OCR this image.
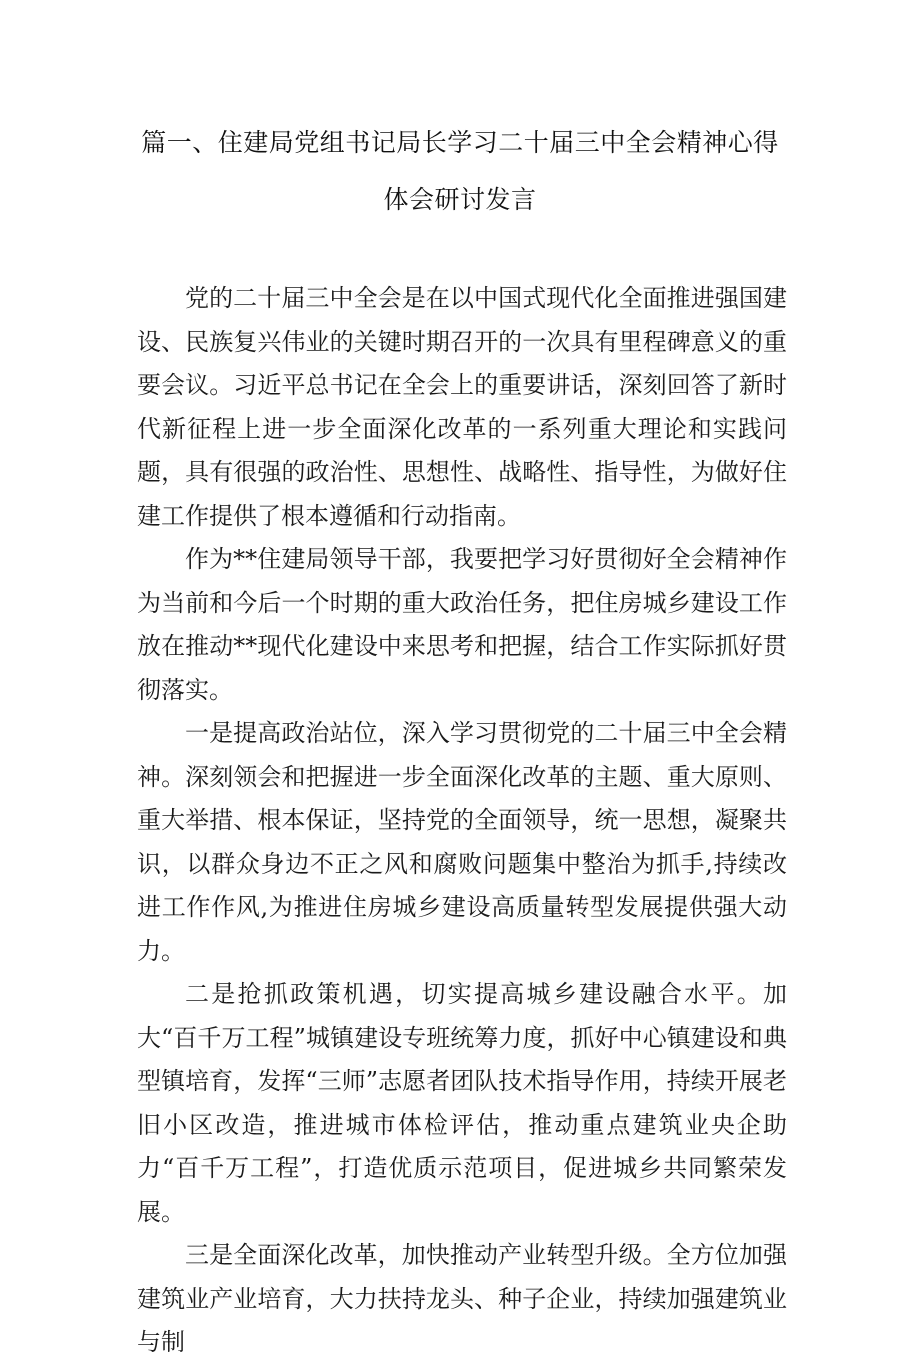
篇一、住建局党组书记局长学习二十届三中全会精神心得
体会研讨发言

党的二十届三中全会是在以中国式现代化全面推进强国建设、民族复兴伟业的关键时期召开的一次具有里程碑意义的重要会议。习近平总书记在全会上的重要讲话，深刻回答了新时代新征程上进一步全面深化改革的一系列重大理论和实践问题，具有很强的政治性、思想性、战略性、指导性，为做好住建工作提供了根本遵循和行动指南。

作为**住建局领导干部，我要把学习好贯彻好全会精神作为当前和今后一个时期的重大政治任务，把住房城乡建设工作放在推动**现代化建设中来思考和把握，结合工作实际抓好贯彻落实。

一是提高政治站位，深入学习贯彻党的二十届三中全会精神。深刻领会和把握进一步全面深化改革的主题、重大原则、重大举措、根本保证，坚持党的全面领导，统一思想，凝聚共识，以群众身边不正之风和腐败问题集中整治为抓手,持续改进工作作风,为推进住房城乡建设高质量转型发展提供强大动力。

二是抢抓政策机遇，切实提高城乡建设融合水平。加大“百千万工程”城镇建设专班统筹力度，抓好中心镇建设和典型镇培育，发挥“三师”志愿者团队技术指导作用，持续开展老旧小区改造，推进城市体检评估，推动重点建筑业央企助力“百千万工程”，打造优质示范项目，促进城乡共同繁荣发展。

三是全面深化改革，加快推动产业转型升级。全方位加强建筑业产业培育，大力扶持龙头、种子企业，持续加强建筑业与制
